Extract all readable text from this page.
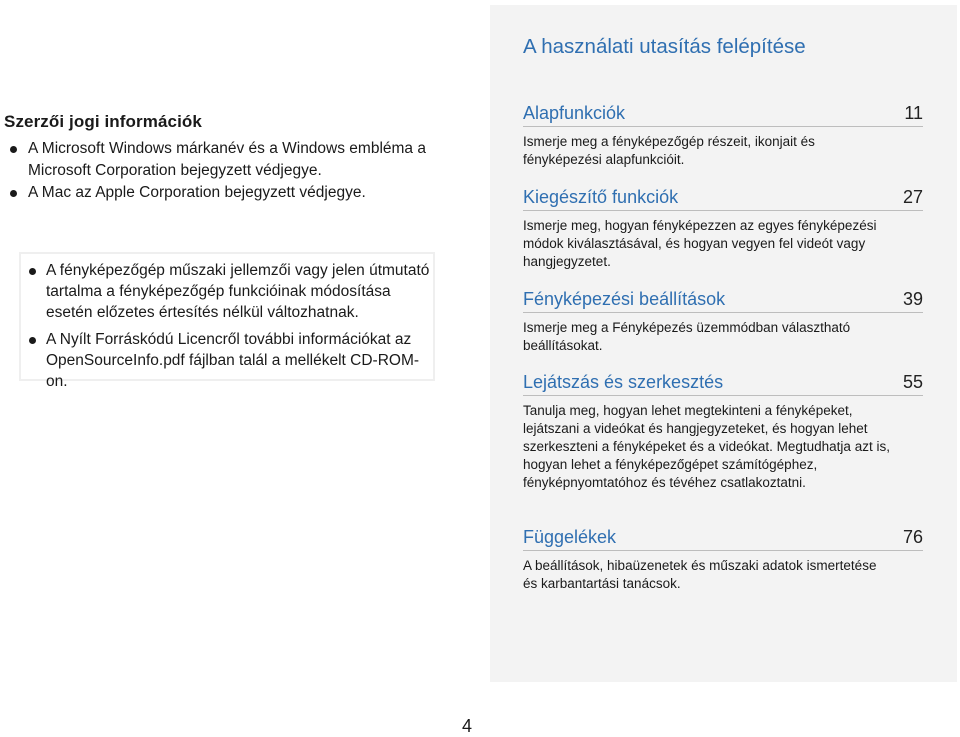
Szerzői jogi információk
A Microsoft Windows márkanév és a Windows embléma a Microsoft Corporation bejegyzett védjegye.
A Mac az Apple Corporation bejegyzett védjegye.
A fényképezőgép műszaki jellemzői vagy jelen útmutató tartalma a fényképezőgép funkcióinak módosítása esetén előzetes értesítés nélkül változhatnak.
A Nyílt Forráskódú Licencről további információkat az OpenSourceInfo.pdf fájlban talál a mellékelt CD-ROM-on.
A használati utasítás felépítése
Alapfunkciók	11
Ismerje meg a fényképezőgép részeit, ikonjait és fényképezési alapfunkcióit.
Kiegészítő funkciók	27
Ismerje meg, hogyan fényképezzen az egyes fényképezési módok kiválasztásával, és hogyan vegyen fel videót vagy hangjegyzetet.
Fényképezési beállítások	39
Ismerje meg a Fényképezés üzemmódban választható beállításokat.
Lejátszás és szerkesztés	55
Tanulja meg, hogyan lehet megtekinteni a fényképeket, lejátszani a videókat és hangjegyzeteket, és hogyan lehet szerkeszteni a fényképeket és a videókat. Megtudhatja azt is, hogyan lehet a fényképezőgépet számítógéphez, fényképnyomtatóhoz és tévéhez csatlakoztatni.
Függelékek	76
A beállítások, hibaüzenetek és műszaki adatok ismertetése és karbantartási tanácsok.
4
